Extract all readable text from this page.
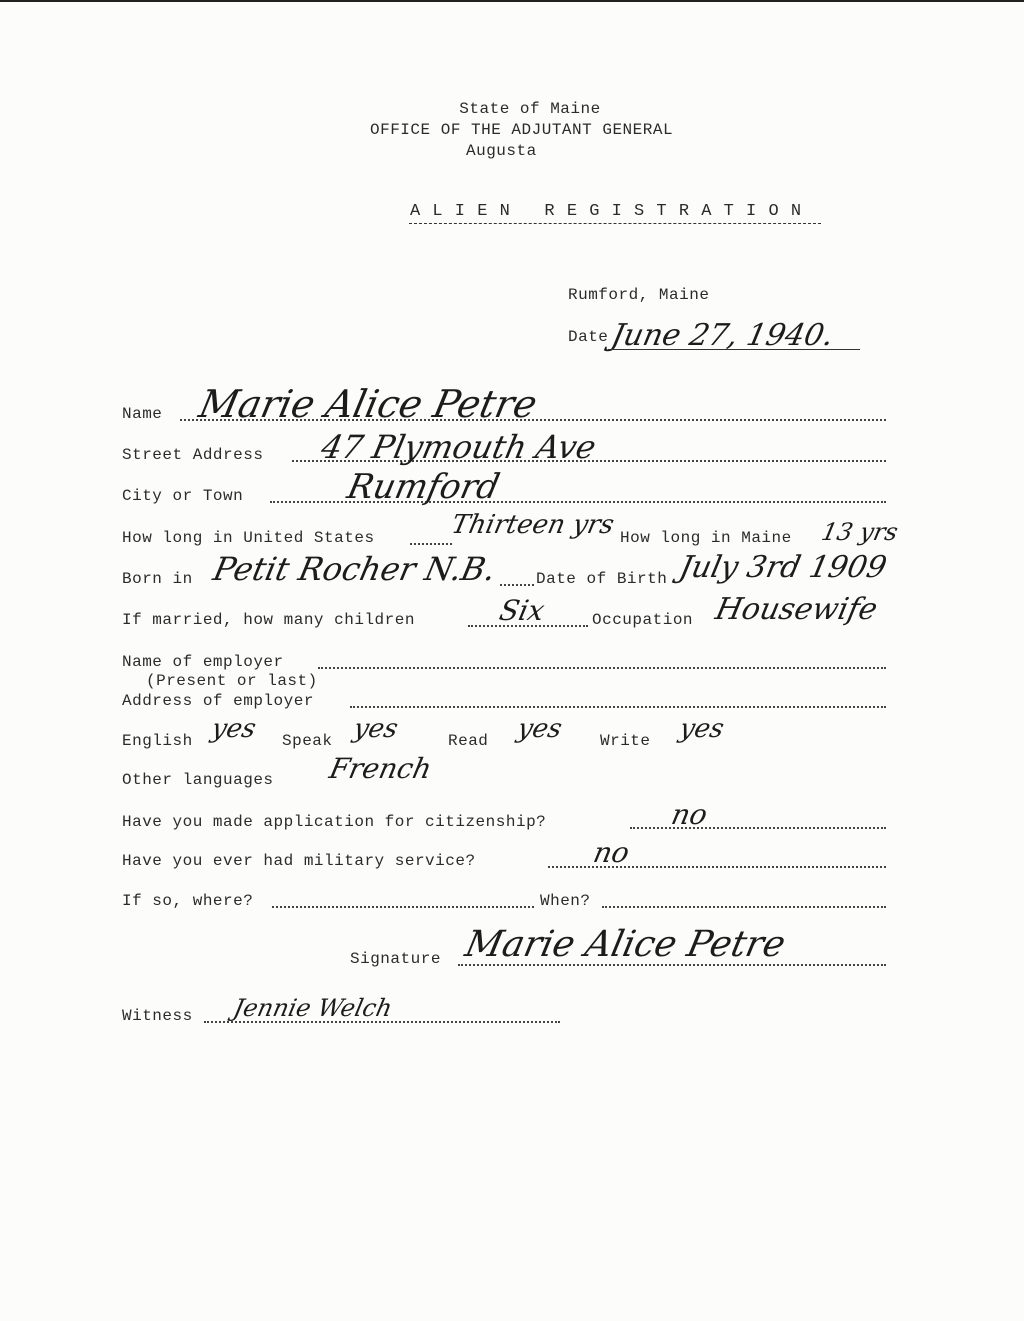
State of Maine
OFFICE OF THE ADJUTANT GENERAL
Augusta
A L I E N   R E G I S T R A T I O N
Rumford, Maine
Date June 27, 1940.
Name Marie Alice Petre
Street Address 47 Plymouth Ave
City or Town	Rumford
How long in United States	Thirteen yrs How long in Maine 13 yrs
Born in Petit Rocher N.B. Date of Birth July 3rd 1909
If married, how many children	Six	Occupation Housewife
Name of employer
(Present or last)
Address of employer
English yes Speak yes	Read yes Write yes
Other languages French
Have you made application for citizenship?	no
Have you ever had military service?	no
If so, where?	When?
Signature Marie Alice Petre
Witness Jennie Welch
